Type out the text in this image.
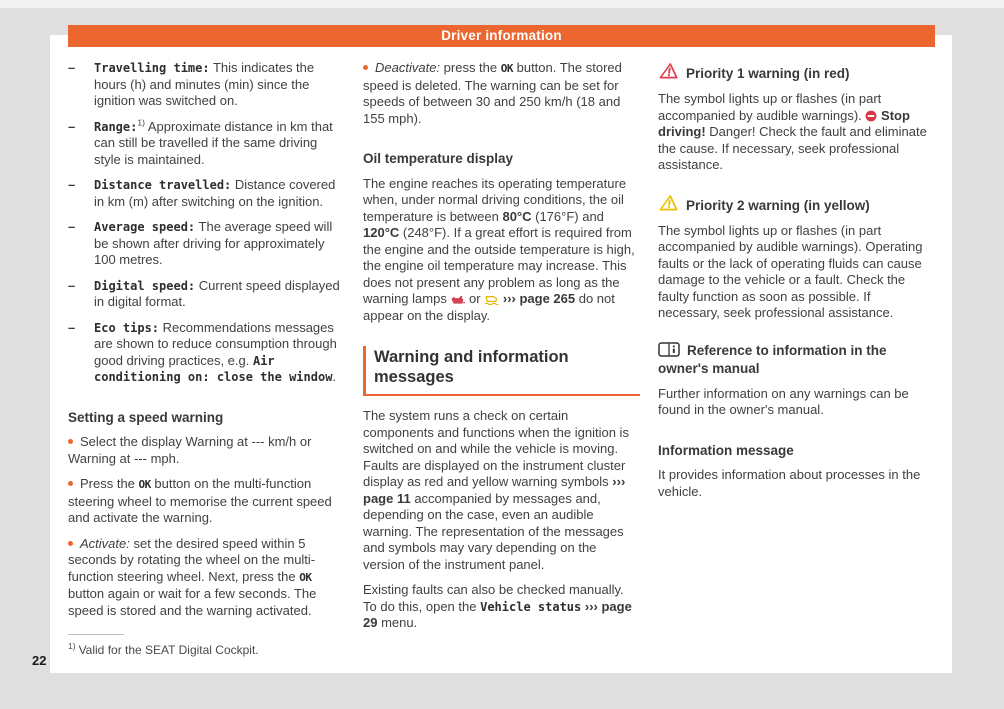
–	Travelling time: This indicates the hours (h) and minutes (min) since the ignition was switched on.
–	Range:$^{1)}$ Approximate distance in km that can still be travelled if the same driving style is maintained.
–	Distance travelled: Distance covered in km (m) after switching on the ignition.
–	Average speed: The average speed will be shown after driving for approximately 100 metres.
–	Digital speed: Current speed displayed in digital format.
–	Eco tips: Recommendations messages are shown to reduce consumption through good driving practices, e.g. Air conditioning on: close the window.
Setting a speed warning
Select the display Warning at --- km/h or Warning at --- mph.
Press the OK button on the multi-function steering wheel to memorise the current speed and activate the warning.
Activate: set the desired speed within 5 seconds by rotating the wheel on the multi-function steering wheel. Next, press the OK button again or wait for a few seconds. The speed is stored and the warning activated.
Deactivate: press the OK button. The stored speed is deleted. The warning can be set for speeds of between 30 and 250 km/h (18 and 155 mph).
Oil temperature display
The engine reaches its operating temperature when, under normal driving conditions, the oil temperature is between 80°C (176°F) and 120°C (248°F). If a great effort is required from the engine and the outside temperature is high, the engine oil temperature may increase. This does not present any problem as long as the warning lamps  or  ››› page 265 do not appear on the display.
Warning and information messages
The system runs a check on certain components and functions when the ignition is switched on and while the vehicle is moving. Faults are displayed on the instrument cluster display as red and yellow warning symbols ››› page 11 accompanied by messages and, depending on the case, even an audible warning. The representation of the messages and symbols may vary depending on the version of the instrument panel.
Existing faults can also be checked manually. To do this, open the Vehicle status ››› page 29 menu.
Priority 1 warning (in red)
The symbol lights up or flashes (in part accompanied by audible warnings).  Stop driving! Danger! Check the fault and eliminate the cause. If necessary, seek professional assistance.
Priority 2 warning (in yellow)
The symbol lights up or flashes (in part accompanied by audible warnings). Operating faults or the lack of operating fluids can cause damage to the vehicle or a fault. Check the faulty function as soon as possible. If necessary, seek professional assistance.
Reference to information in the owner's manual
Further information on any warnings can be found in the owner's manual.
Information message
It provides information about processes in the vehicle.
$^{1)}$ Valid for the SEAT Digital Cockpit.
Driver information
22
